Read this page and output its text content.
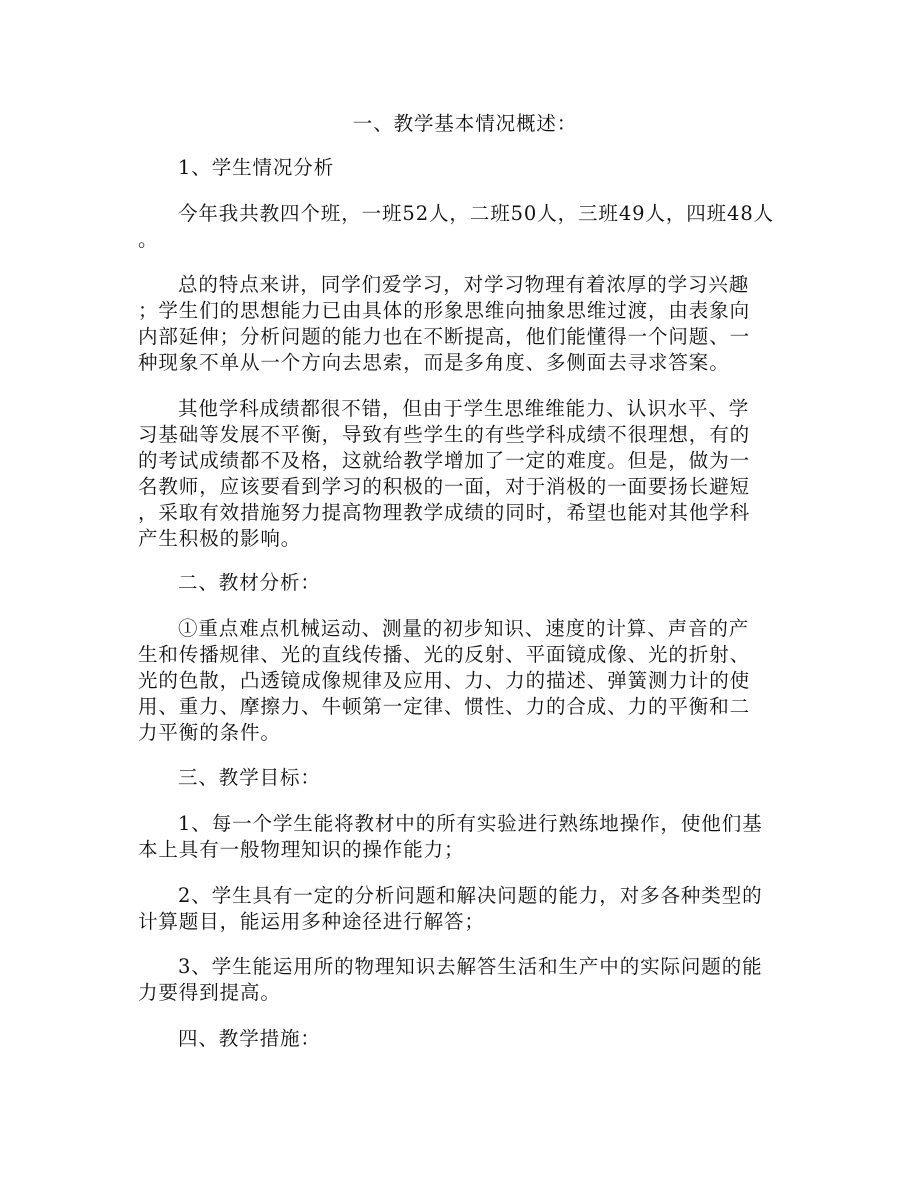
一、教学基本情况概述：
1、学生情况分析
今年我共教四个班，一班52人，二班50人，三班49人，四班48人
。
总的特点来讲，同学们爱学习，对学习物理有着浓厚的学习兴趣
；学生们的思想能力已由具体的形象思维向抽象思维过渡，由表象向
内部延伸；分析问题的能力也在不断提高，他们能懂得一个问题、一
种现象不单从一个方向去思索，而是多角度、多侧面去寻求答案。
其他学科成绩都很不错，但由于学生思维维能力、认识水平、学
习基础等发展不平衡，导致有些学生的有些学科成绩不很理想，有的
的考试成绩都不及格，这就给教学增加了一定的难度。但是，做为一
名教师，应该要看到学习的积极的一面，对于消极的一面要扬长避短
，采取有效措施努力提高物理教学成绩的同时，希望也能对其他学科
产生积极的影响。
二、教材分析：
①重点难点机械运动、测量的初步知识、速度的计算、声音的产
生和传播规律、光的直线传播、光的反射、平面镜成像、光的折射、
光的色散，凸透镜成像规律及应用、力、力的描述、弹簧测力计的使
用、重力、摩擦力、牛顿第一定律、惯性、力的合成、力的平衡和二
力平衡的条件。
三、教学目标：
1、每一个学生能将教材中的所有实验进行熟练地操作，使他们基
本上具有一般物理知识的操作能力；
2、学生具有一定的分析问题和解决问题的能力，对多各种类型的
计算题目，能运用多种途径进行解答；
3、学生能运用所的物理知识去解答生活和生产中的实际问题的能
力要得到提高。
四、教学措施：
